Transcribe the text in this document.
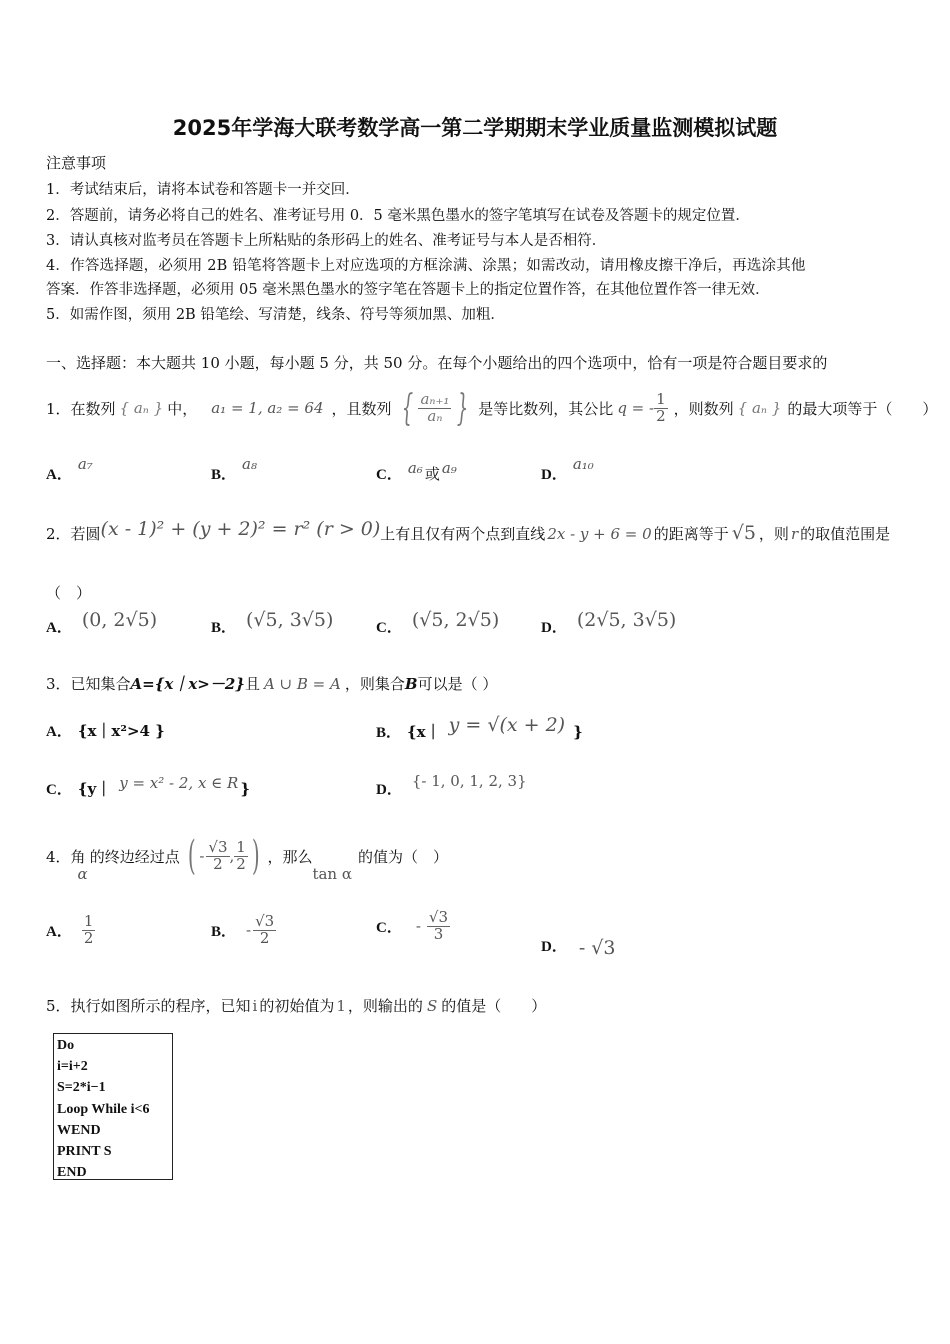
2025年学海大联考数学高一第二学期期末学业质量监测模拟试题
注意事项
1．考试结束后，请将本试卷和答题卡一并交回．
2．答题前，请务必将自己的姓名、准考证号用 0．5 毫米黑色墨水的签字笔填写在试卷及答题卡的规定位置．
3．请认真核对监考员在答题卡上所粘贴的条形码上的姓名、准考证号与本人是否相符．
4．作答选择题，必须用 2B 铅笔将答题卡上对应选项的方框涂满、涂黑；如需改动，请用橡皮擦干净后，再选涂其他
答案．作答非选择题，必须用 05 毫米黑色墨水的签字笔在答题卡上的指定位置作答，在其他位置作答一律无效．
5．如需作图，须用 2B 铅笔绘、写清楚，线条、符号等须加黑、加粗．
一、选择题：本大题共 10 小题，每小题 5 分，共 50 分。在每个小题给出的四个选项中，恰有一项是符合题目要求的
1．在数列 { aₙ } 中， a₁ = 1, a₂ = 64 ，且数列 { $\frac{\text{aₙ₊₁}}{\text{aₙ}}$ } 是等比数列，其公比 q = - $\frac{1}{2}$ ，则数列 { aₙ } 的最大项等于（　　）
A．a₇
B．a₈
C． a₆ 或 a₉	D．a₁₀
2．若圆(x - 1)² + (y + 2)² = r² (r > 0)上有且仅有两个点到直线 2x - y + 6 = 0 的距离等于 √5 ，则 r 的取值范围是
（　）
A． (0, 2√5)	B． (√5, 3√5)	C． (√5, 2√5)	D． (2√5, 3√5)
3．已知集合A={x｜x>－2}且 A ∪ B = A ，则集合B可以是（ ）
A． {x｜x²>4 }	B． {x｜ y = √(x + 2) }
C． {y｜ y = x² - 2, x ∈ R }	D． {- 1, 0, 1, 2, 3}
4．角
α
的终边经过点 ( - $\frac{√3}{2}$ , $\frac{1}{2}$ ) ，那么
tan α
的值为（　）
A． $\frac{1}{2}$	B． - $\frac{√3}{2}$	C． - $\frac{√3}{3}$
D． - √3
5．执行如图所示的程序，已知 i 的初始值为 1 ，则输出的 S 的值是（　　）
Do
i=i+2
S=2*i−1
Loop While i<6
WEND
PRINT S
END
